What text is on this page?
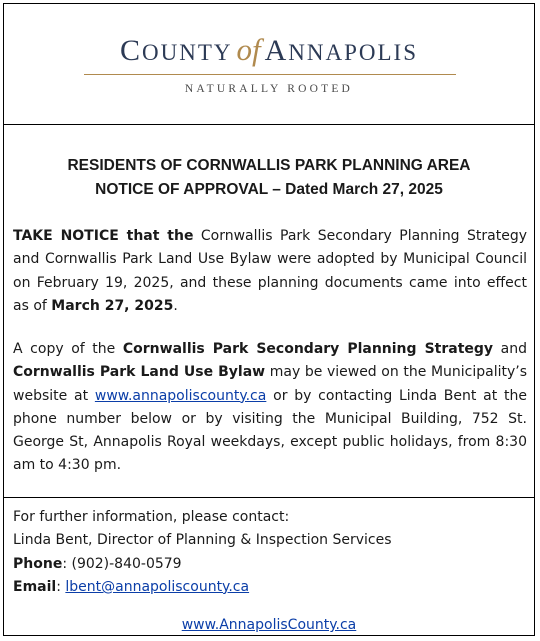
COUNTY of ANNAPOLIS
NATURALLY ROOTED
RESIDENTS OF CORNWALLIS PARK PLANNING AREA
NOTICE OF APPROVAL – Dated March 27, 2025
TAKE NOTICE that the Cornwallis Park Secondary Planning Strategy and Cornwallis Park Land Use Bylaw were adopted by Municipal Council on February 19, 2025, and these planning documents came into effect as of March 27, 2025.
A copy of the Cornwallis Park Secondary Planning Strategy and Cornwallis Park Land Use Bylaw may be viewed on the Municipality’s website at www.annapoliscounty.ca or by contacting Linda Bent at the phone number below or by visiting the Municipal Building, 752 St. George St, Annapolis Royal weekdays, except public holidays, from 8:30 am to 4:30 pm.
For further information, please contact:
Linda Bent, Director of Planning & Inspection Services
Phone: (902)-840-0579
Email: lbent@annapoliscounty.ca
www.AnnapolisCounty.ca
